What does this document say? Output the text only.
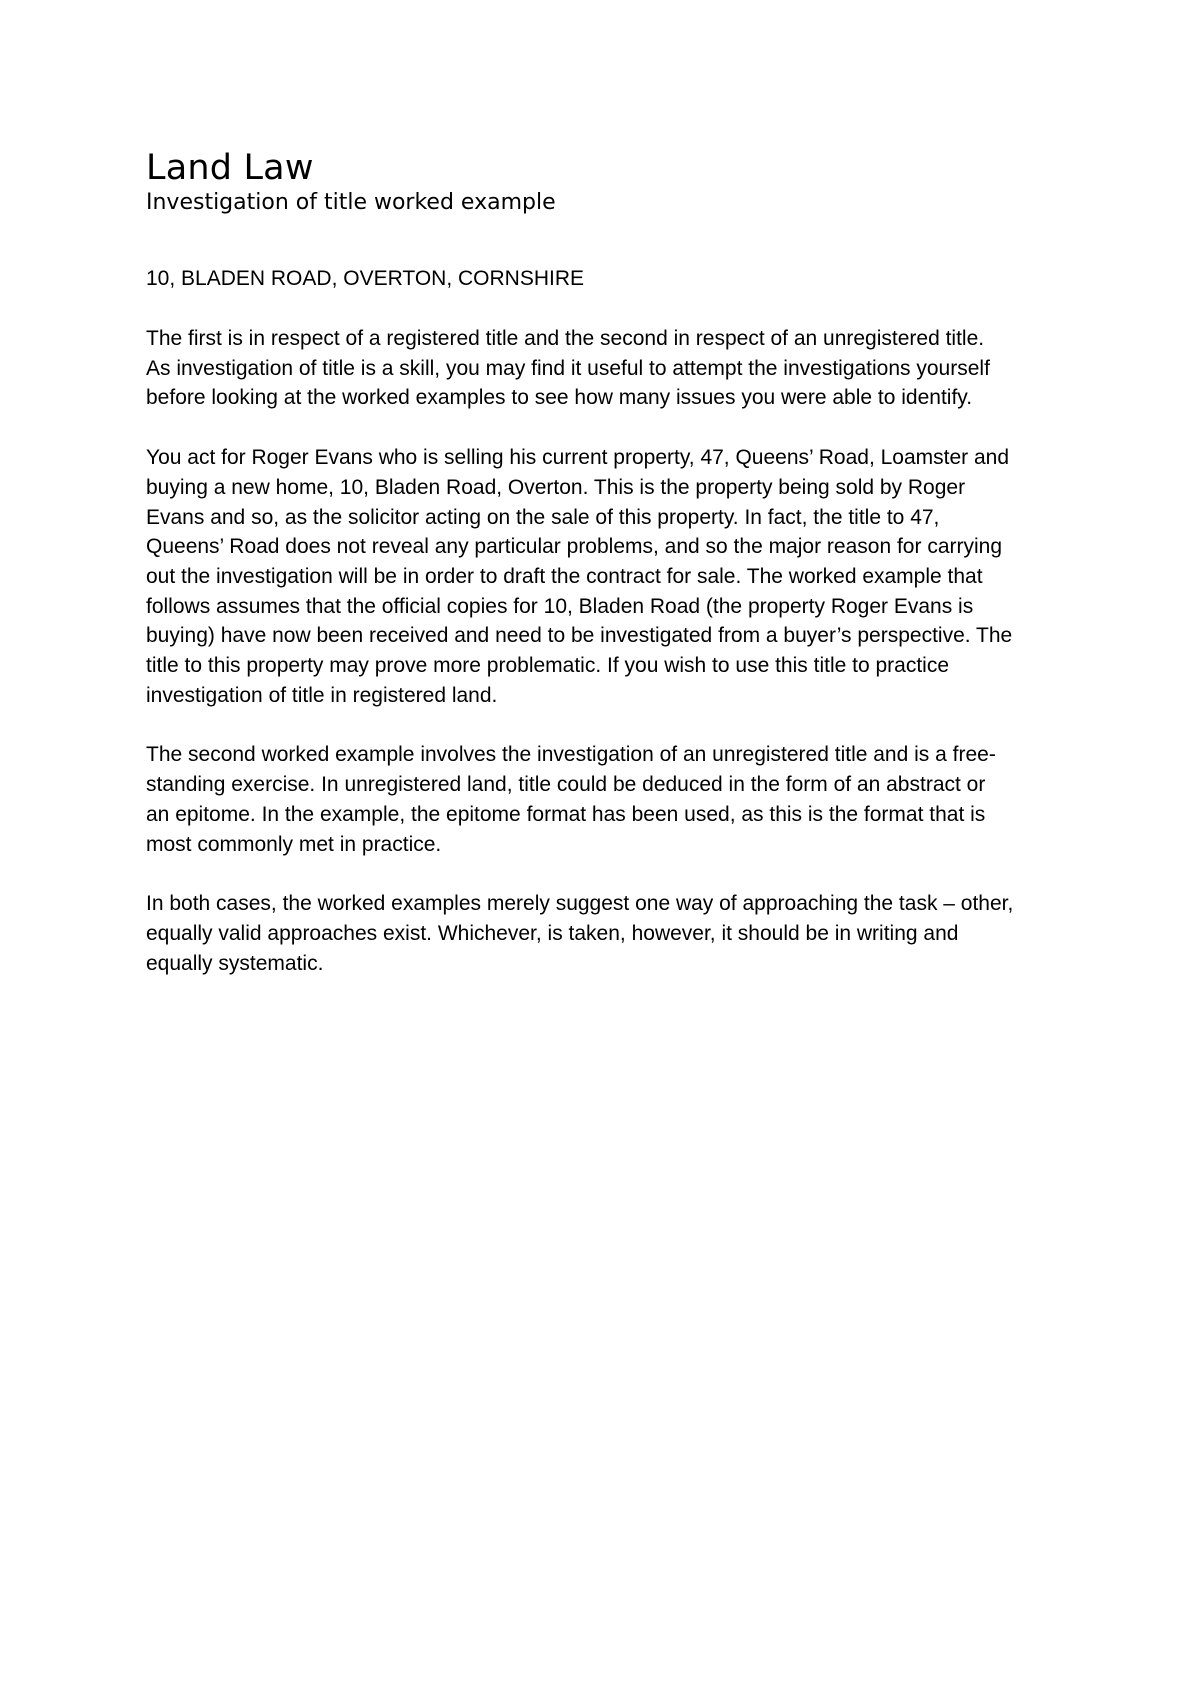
Land Law
Investigation of title worked example

10, BLADEN ROAD, OVERTON, CORNSHIRE

The first is in respect of a registered title and the second in respect of an unregistered title.
As investigation of title is a skill, you may find it useful to attempt the investigations yourself
before looking at the worked examples to see how many issues you were able to identify.

You act for Roger Evans who is selling his current property, 47, Queens’ Road, Loamster and
buying a new home, 10, Bladen Road, Overton. This is the property being sold by Roger
Evans and so, as the solicitor acting on the sale of this property. In fact, the title to 47,
Queens’ Road does not reveal any particular problems, and so the major reason for carrying
out the investigation will be in order to draft the contract for sale. The worked example that
follows assumes that the official copies for 10, Bladen Road (the property Roger Evans is
buying) have now been received and need to be investigated from a buyer’s perspective. The
title to this property may prove more problematic. If you wish to use this title to practice
investigation of title in registered land.

The second worked example involves the investigation of an unregistered title and is a free-
standing exercise. In unregistered land, title could be deduced in the form of an abstract or
an epitome. In the example, the epitome format has been used, as this is the format that is
most commonly met in practice.

In both cases, the worked examples merely suggest one way of approaching the task – other,
equally valid approaches exist. Whichever, is taken, however, it should be in writing and
equally systematic.
